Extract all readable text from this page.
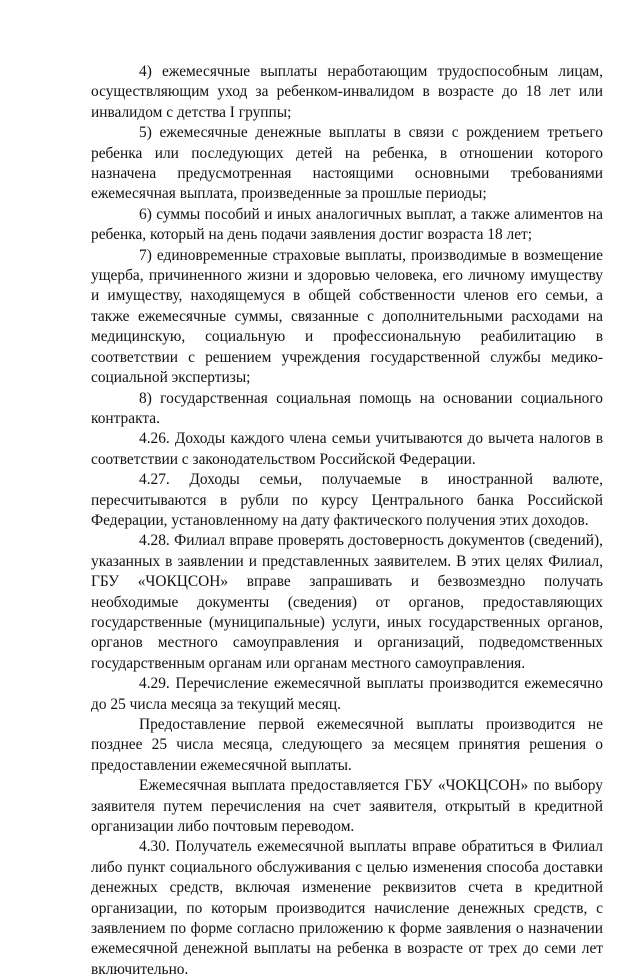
4) ежемесячные выплаты неработающим трудоспособным лицам, осуществляющим уход за ребенком-инвалидом в возрасте до 18 лет или инвалидом с детства I группы;

5) ежемесячные денежные выплаты в связи с рождением третьего ребенка или последующих детей на ребенка, в отношении которого назначена предусмотренная настоящими основными требованиями ежемесячная выплата, произведенные за прошлые периоды;

6) суммы пособий и иных аналогичных выплат, а также алиментов на ребенка, который на день подачи заявления достиг возраста 18 лет;

7) единовременные страховые выплаты, производимые в возмещение ущерба, причиненного жизни и здоровью человека, его личному имуществу и имуществу, находящемуся в общей собственности членов его семьи, а также ежемесячные суммы, связанные с дополнительными расходами на медицинскую, социальную и профессиональную реабилитацию в соответствии с решением учреждения государственной службы медико-социальной экспертизы;

8) государственная социальная помощь на основании социального контракта.

4.26. Доходы каждого члена семьи учитываются до вычета налогов в соответствии с законодательством Российской Федерации.

4.27. Доходы семьи, получаемые в иностранной валюте, пересчитываются в рубли по курсу Центрального банка Российской Федерации, установленному на дату фактического получения этих доходов.

4.28. Филиал вправе проверять достоверность документов (сведений), указанных в заявлении и представленных заявителем. В этих целях Филиал, ГБУ «ЧОКЦСОН» вправе запрашивать и безвозмездно получать необходимые документы (сведения) от органов, предоставляющих государственные (муниципальные) услуги, иных государственных органов, органов местного самоуправления и организаций, подведомственных государственным органам или органам местного самоуправления.

4.29. Перечисление ежемесячной выплаты производится ежемесячно до 25 числа месяца за текущий месяц.

Предоставление первой ежемесячной выплаты производится не позднее 25 числа месяца, следующего за месяцем принятия решения о предоставлении ежемесячной выплаты.

Ежемесячная выплата предоставляется ГБУ «ЧОКЦСОН» по выбору заявителя путем перечисления на счет заявителя, открытый в кредитной организации либо почтовым переводом.

4.30. Получатель ежемесячной выплаты вправе обратиться в Филиал либо пункт социального обслуживания с целью изменения способа доставки денежных средств, включая изменение реквизитов счета в кредитной организации, по которым производится начисление денежных средств, с заявлением по форме согласно приложению к форме заявления о назначении ежемесячной денежной выплаты на ребенка в возрасте от трех до семи лет включительно.
